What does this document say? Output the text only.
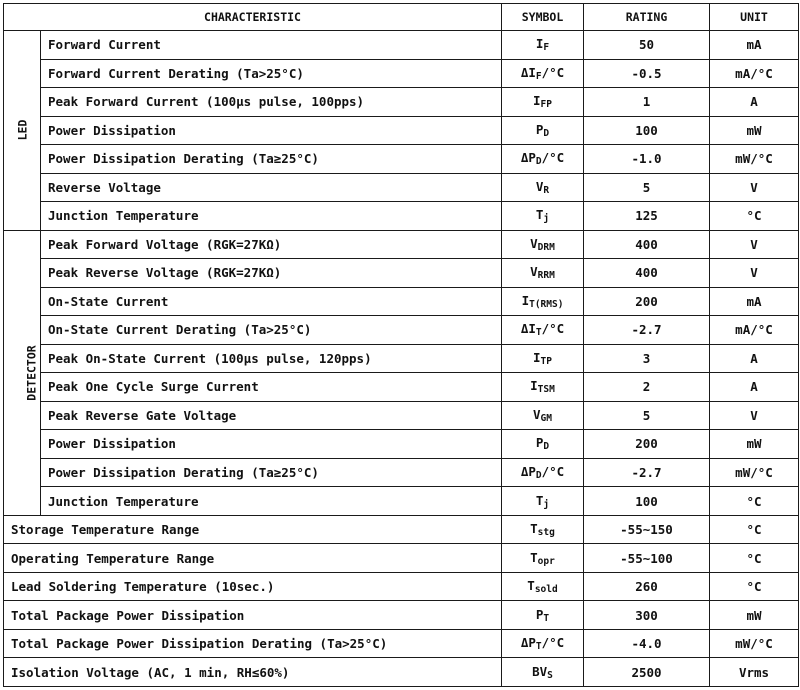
CHARACTERISTIC		SYMBOL	RATING	UNIT
LED	Forward Current	$I_F$	50	mA
	Forward Current Derating (Ta>25°C)	$\Delta I_F/^\circ C$	-0.5	mA/°C
	Peak Forward Current (100µs pulse, 100pps)	$I_{FP}$	1	A
	Power Dissipation	$P_D$	100	mW
	Power Dissipation Derating (Ta≥25°C)	$\Delta P_D/^\circ C$	-1.0	mW/°C
	Reverse Voltage	$V_R$	5	V
	Junction Temperature	$T_j$	125	°C
DETECTOR	Peak Forward Voltage (RGK=27KΩ)	$V_{DRM}$	400	V
	Peak Reverse Voltage (RGK=27KΩ)	$V_{RRM}$	400	V
	On-State Current	$I_{T(RMS)}$	200	mA
	On-State Current Derating (Ta>25°C)	$\Delta I_T/^\circ C$	-2.7	mA/°C
	Peak On-State Current (100µs pulse, 120pps)	$I_{TP}$	3	A
	Peak One Cycle Surge Current	$I_{TSM}$	2	A
	Peak Reverse Gate Voltage	$V_{GM}$	5	V
	Power Dissipation	$P_D$	200	mW
	Power Dissipation Derating (Ta≥25°C)	$\Delta P_D/^\circ C$	-2.7	mW/°C
	Junction Temperature	$T_j$	100	°C
Storage Temperature Range		$T_{stg}$	-55~150	°C
Operating Temperature Range		$T_{opr}$	-55~100	°C
Lead Soldering Temperature (10sec.)		$T_{sold}$	260	°C
Total Package Power Dissipation		$P_T$	300	mW
Total Package Power Dissipation Derating (Ta>25°C)		$\Delta P_T/^\circ C$	-4.0	mW/°C
Isolation Voltage (AC, 1 min, RH≤60%)		$BV_S$	2500	Vrms
